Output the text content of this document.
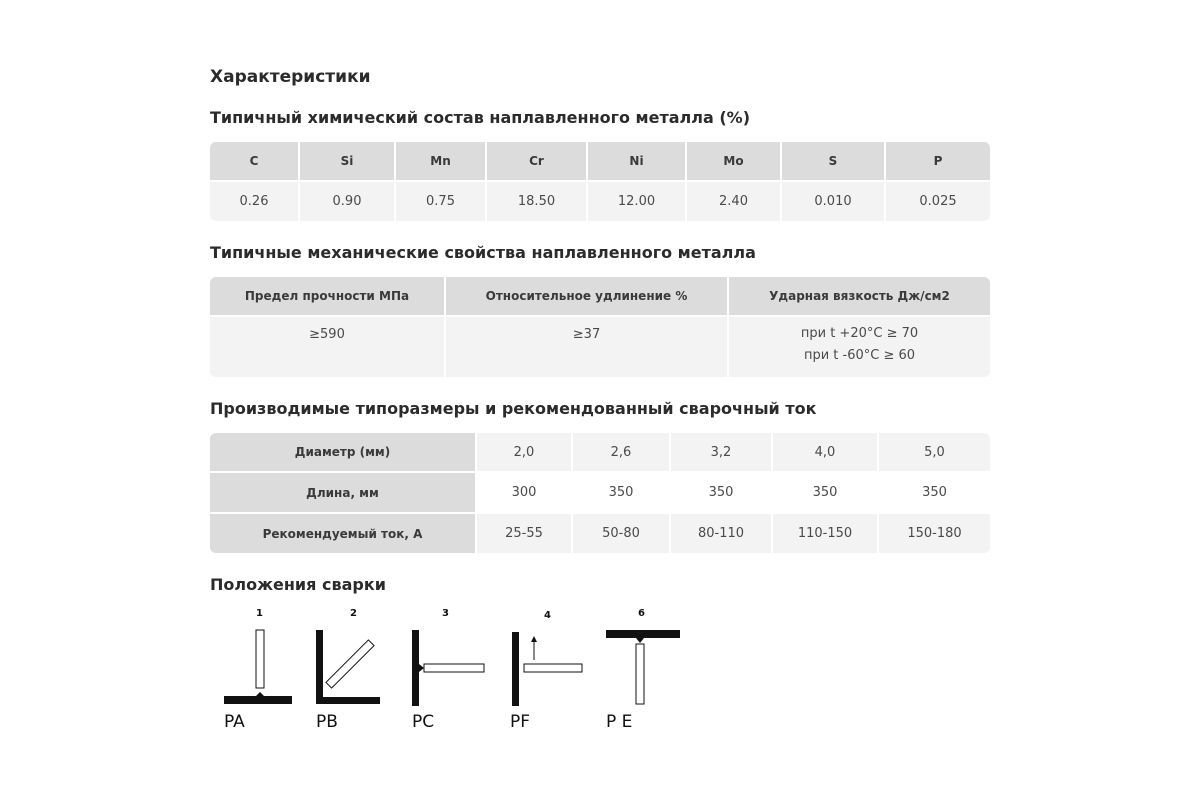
Характеристики
Типичный химический состав наплавленного металла (%)
C	Si	Mn	Cr	Ni	Mo	S	P
0.26	0.90	0.75	18.50	12.00	2.40	0.010	0.025
Типичные механические свойства наплавленного металла
Предел прочности МПа	Относительное удлинение %	Ударная вязкость Дж/см2
≥590	≥37	при t +20°C ≥ 70
при t -60°C ≥ 60
Производимые типоразмеры и рекомендованный сварочный ток
Диаметр (мм)	2,0	2,6	3,2	4,0	5,0
Длина, мм	300	350	350	350	350
Рекомендуемый ток, А	25-55	50-80	80-110	110-150	150-180
Положения сварки
1
PA
2
PB
3
PC
4
PF
6
P E
